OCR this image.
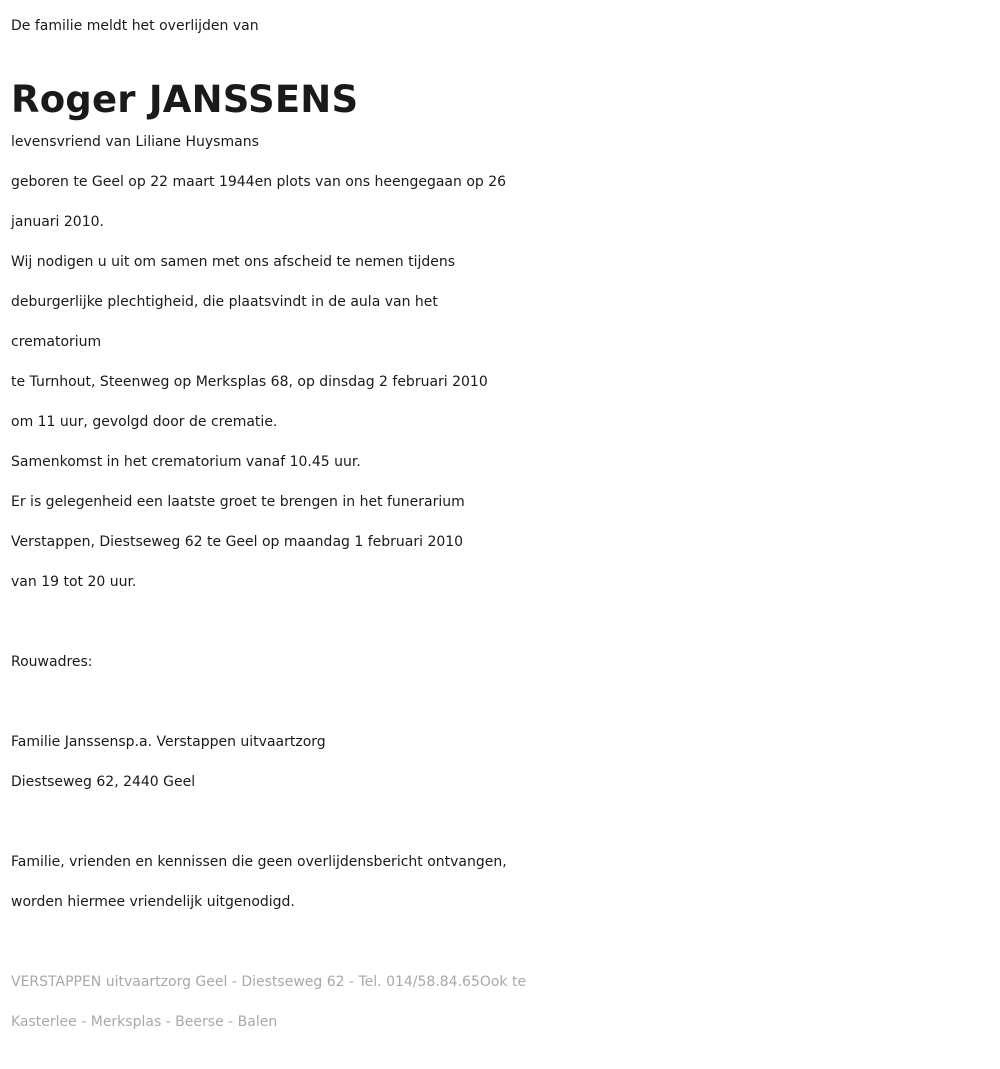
De familie meldt het overlijden van

Roger JANSSENS

levensvriend van Liliane Huysmans

geboren te Geel op 22 maart 1944en plots van ons heengegaan op 26

januari 2010.

Wij nodigen u uit om samen met ons afscheid te nemen tijdens

deburgerlijke plechtigheid, die plaatsvindt in de aula van het

crematorium

te Turnhout, Steenweg op Merksplas 68, op dinsdag 2 februari 2010

om 11 uur, gevolgd door de crematie.

Samenkomst in het crematorium vanaf 10.45 uur.

Er is gelegenheid een laatste groet te brengen in het funerarium

Verstappen, Diestseweg 62 te Geel op maandag 1 februari 2010

van 19 tot 20 uur.

Rouwadres:

Familie Janssensp.a. Verstappen uitvaartzorg

Diestseweg 62, 2440 Geel

Familie, vrienden en kennissen die geen overlijdensbericht ontvangen,

worden hiermee vriendelijk uitgenodigd.

VERSTAPPEN uitvaartzorg Geel - Diestseweg 62 - Tel. 014/58.84.65Ook te

Kasterlee - Merksplas - Beerse - Balen
